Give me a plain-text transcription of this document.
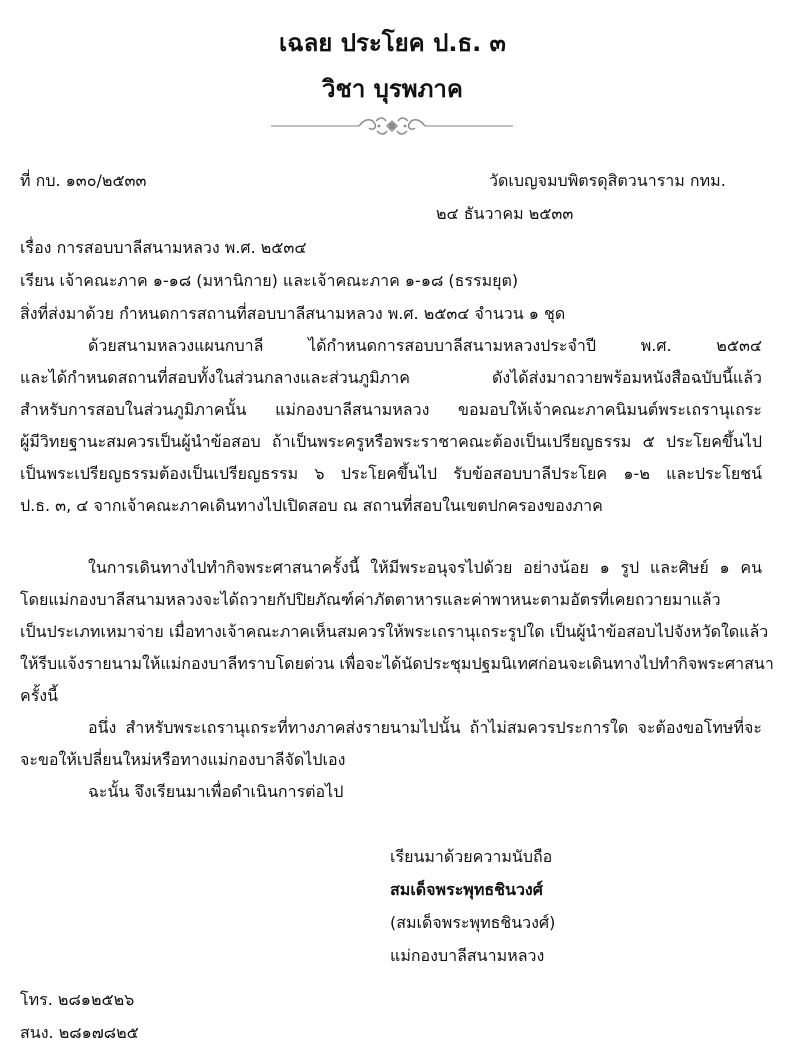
เฉลย ประโยค ป.ธ. ๓
วิชา บุรพภาค
ที่ กบ. ๑๓๐/๒๕๓๓	วัดเบญจมบพิตรดุสิตวนาราม กทม.
๒๔ ธันวาคม ๒๕๓๓
เรื่อง การสอบบาลีสนามหลวง พ.ศ. ๒๕๓๔
เรียน เจ้าคณะภาค ๑-๑๘ (มหานิกาย) และเจ้าคณะภาค ๑-๑๘ (ธรรมยุต)
สิ่งที่ส่งมาด้วย กำหนดการสถานที่สอบบาลีสนามหลวง พ.ศ. ๒๕๓๔ จำนวน ๑ ชุด
ด้วยสนามหลวงแผนกบาลี ได้กำหนดการสอบบาลีสนามหลวงประจำปี พ.ศ. ๒๕๓๔
และได้กำหนดสถานที่สอบทั้งในส่วนกลางและส่วนภูมิภาค ดังได้ส่งมาถวายพร้อมหนังสือฉบับนี้แล้ว
สำหรับการสอบในส่วนภูมิภาคนั้น แม่กองบาลีสนามหลวง ขอมอบให้เจ้าคณะภาคนิมนต์พระเถรานุเถระ
ผู้มีวิทยฐานะสมควรเป็นผู้นำข้อสอบ ถ้าเป็นพระครูหรือพระราชาคณะต้องเป็นเปรียญธรรม ๕ ประโยคขึ้นไป
เป็นพระเปรียญธรรมต้องเป็นเปรียญธรรม ๖ ประโยคขึ้นไป รับข้อสอบบาลีประโยค ๑-๒ และประโยชน์
ป.ธ. ๓, ๔ จากเจ้าคณะภาคเดินทางไปเปิดสอบ ณ สถานที่สอบในเขตปกครองของภาค
ในการเดินทางไปทำกิจพระศาสนาครั้งนี้ ให้มีพระอนุจรไปด้วย อย่างน้อย ๑ รูป และศิษย์ ๑ คน
โดยแม่กองบาลีสนามหลวงจะได้ถวายกัปปิยภัณฑ์ค่าภัตตาหารและค่าพาหนะตามอัตรที่เคยถวายมาแล้ว
เป็นประเภทเหมาจ่าย เมื่อทางเจ้าคณะภาคเห็นสมควรให้พระเถรานุเถระรูปใด เป็นผู้นำข้อสอบไปจังหวัดใดแล้ว
ให้รีบแจ้งรายนามให้แม่กองบาลีทราบโดยด่วน เพื่อจะได้นัดประชุมปฐมนิเทศก่อนจะเดินทางไปทำกิจพระศาสนา
ครั้งนี้
อนึ่ง สำหรับพระเถรานุเถระที่ทางภาคส่งรายนามไปนั้น ถ้าไม่สมควรประการใด จะต้องขอโทษที่จะ
จะขอให้เปลี่ยนใหม่หรือทางแม่กองบาลีจัดไปเอง
ฉะนั้น จึงเรียนมาเพื่อดำเนินการต่อไป
เรียนมาด้วยความนับถือ
สมเด็จพระพุทธชินวงศ์
(สมเด็จพระพุทธชินวงศ์)
แม่กองบาลีสนามหลวง
โทร. ๒๘๑๒๕๒๖
สนง. ๒๘๑๗๘๒๕
